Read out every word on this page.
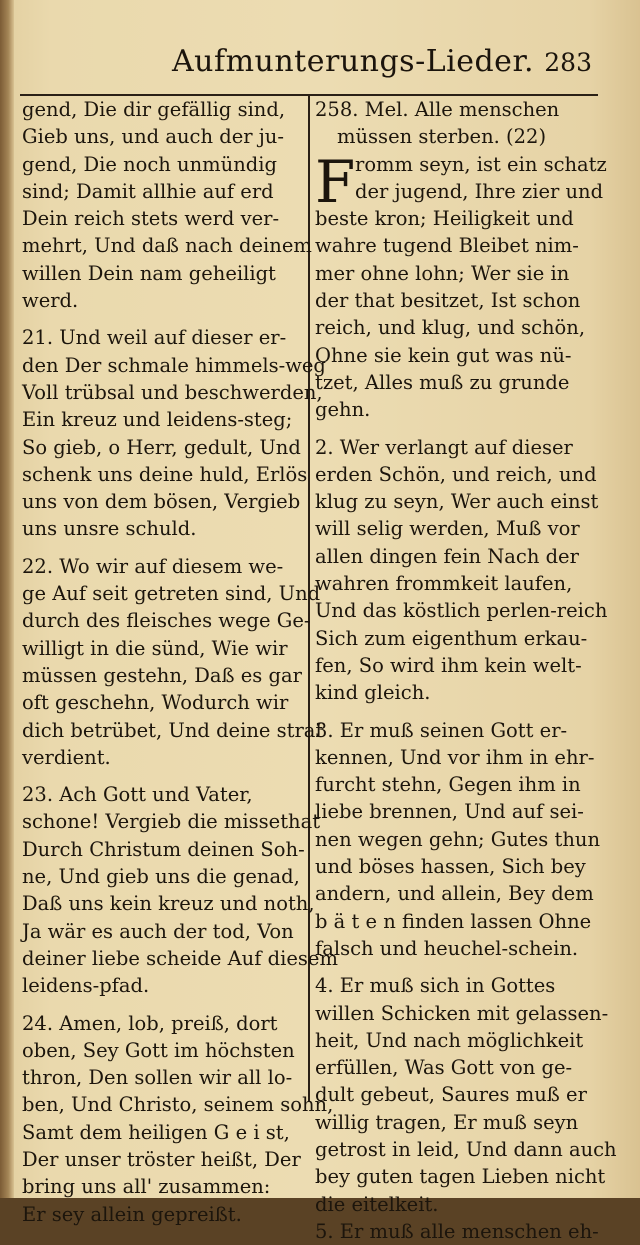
Aufmunterungs-Lieder. 283
gend, Die dir gefällig sind,
Gieb uns, und auch der ju-
gend, Die noch unmündig
sind; Damit allhie auf erd
Dein reich stets werd ver-
mehrt, Und daß nach deinem
willen Dein nam geheiligt
werd.
21. Und weil auf dieser er-
den Der schmale himmels-weg
Voll trübsal und beschwerden,
Ein kreuz und leidens-steg;
So gieb, o Herr, gedult, Und
schenk uns deine huld, Erlös
uns von dem bösen, Vergieb
uns unsre schuld.
22. Wo wir auf diesem we-
ge Auf seit getreten sind, Und
durch des fleisches wege Ge-
willigt in die sünd, Wie wir
müssen gestehn, Daß es gar
oft geschehn, Wodurch wir
dich betrübet, Und deine straf
verdient.
23. Ach Gott und Vater,
schone! Vergieb die missethat
Durch Christum deinen Soh-
ne, Und gieb uns die genad,
Daß uns kein kreuz und noth,
Ja wär es auch der tod, Von
deiner liebe scheide Auf diesem
leidens-pfad.
24. Amen, lob, preiß, dort
oben, Sey Gott im höchsten
thron, Den sollen wir all lo-
ben, Und Christo, seinem sohn,
Samt dem heiligen G e i st,
Der unser tröster heißt, Der
bring uns all' zusammen:
Er sey allein gepreißt.
258. Mel. Alle menschen
müssen sterben. (22)
F romm seyn, ist ein schatz
der jugend, Ihre zier und
beste kron; Heiligkeit und
wahre tugend Bleibet nim-
mer ohne lohn; Wer sie in
der that besitzet, Ist schon
reich, und klug, und schön,
Ohne sie kein gut was nü-
tzet, Alles muß zu grunde
gehn.
2. Wer verlangt auf dieser
erden Schön, und reich, und
klug zu seyn, Wer auch einst
will selig werden, Muß vor
allen dingen fein Nach der
wahren frommkeit laufen,
Und das köstlich perlen-reich
Sich zum eigenthum erkau-
fen, So wird ihm kein welt-
kind gleich.
3. Er muß seinen Gott er-
kennen, Und vor ihm in ehr-
furcht stehn, Gegen ihm in
liebe brennen, Und auf sei-
nen wegen gehn; Gutes thun
und böses hassen, Sich bey
andern, und allein, Bey dem
b ä t e n finden lassen Ohne
falsch und heuchel-schein.
4. Er muß sich in Gottes
willen Schicken mit gelassen-
heit, Und nach möglichkeit
erfüllen, Was Gott von ge-
dult gebeut, Saures muß er
willig tragen, Er muß seyn
getrost in leid, Und dann auch
bey guten tagen Lieben nicht
die eitelkeit.
5. Er muß alle menschen eh-
